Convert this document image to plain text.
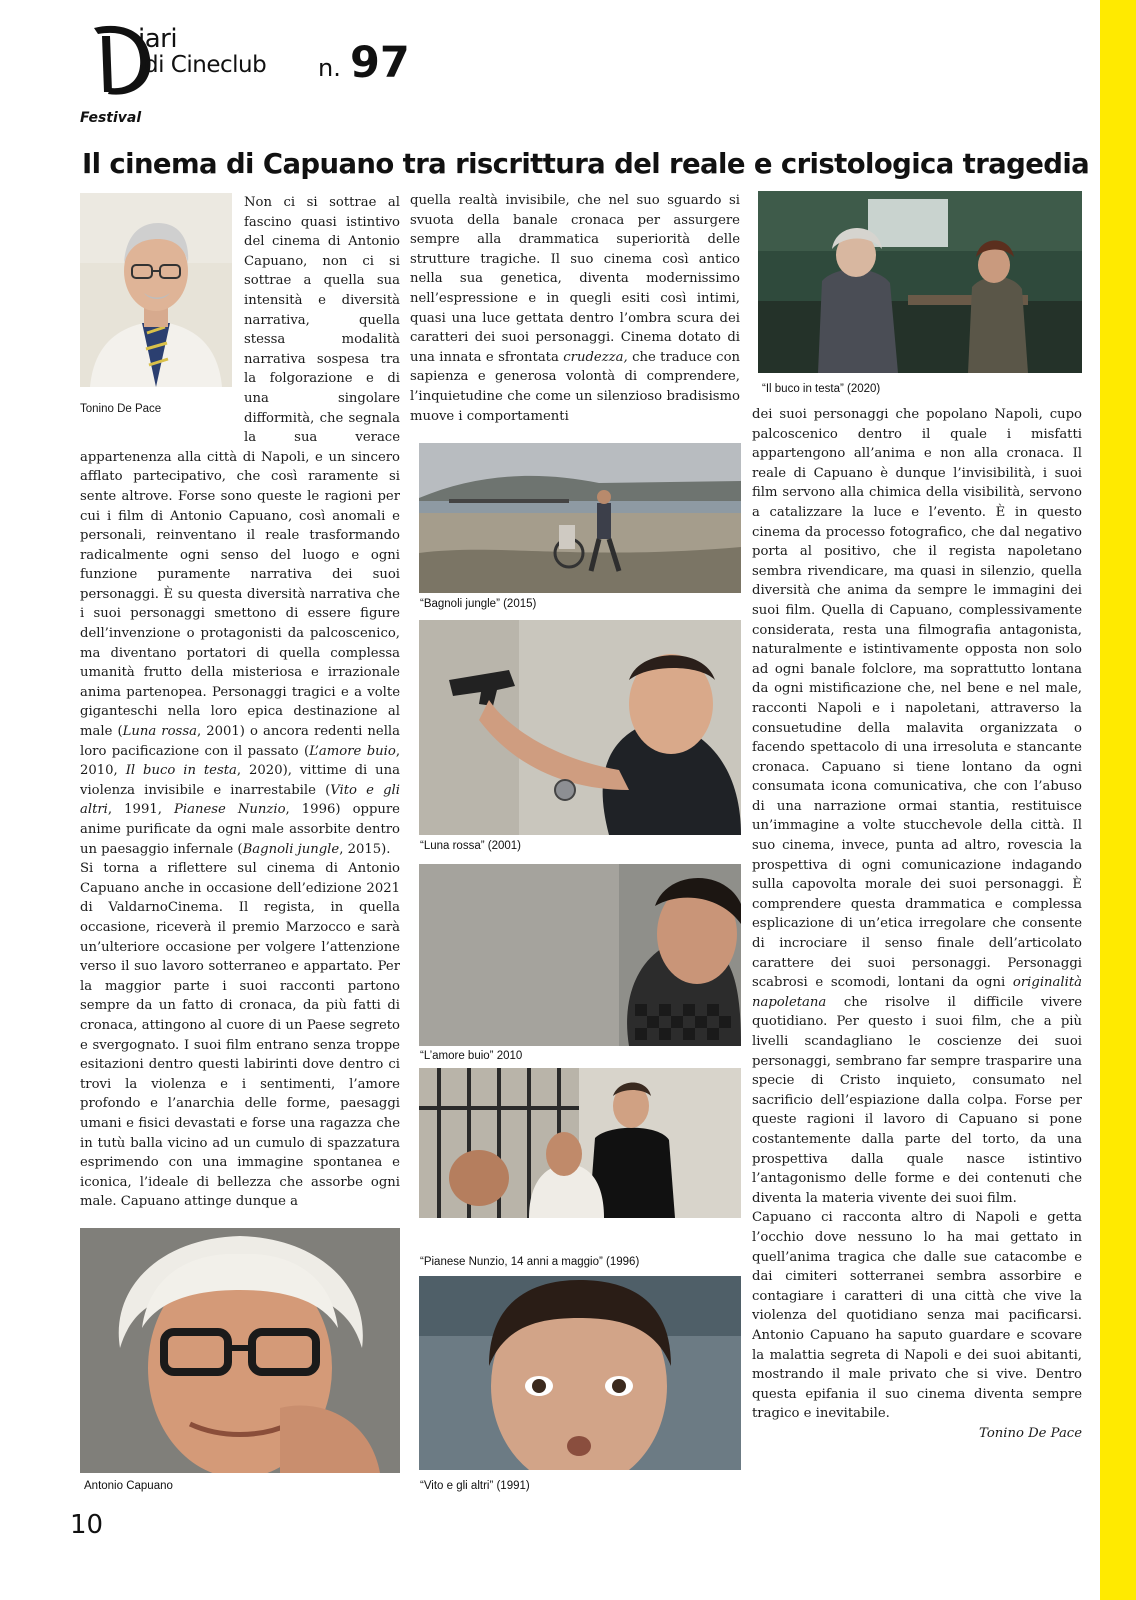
iari
di Cineclub n. 97
Festival
Il cinema di Capuano tra riscrittura del reale e cristologica tragedia
Tonino De Pace

Non ci si sottrae al fascino quasi istintivo del cinema di Antonio Capuano, non ci si sottrae a quella sua intensità e diversità narrativa, quella stessa modalità narrativa sospesa tra la folgorazione e di una singolare difformità, che segnala la sua verace appartenenza alla città di Napoli, e un sincero afflato partecipativo, che così raramente si sente altrove. Forse sono queste le ragioni per cui i film di Antonio Capuano, così anomali e personali, reinventano il reale trasformando radicalmente ogni senso del luogo e ogni funzione puramente narrativa dei suoi personaggi. È su questa diversità narrativa che i suoi personaggi smettono di essere figure dell’invenzione o protagonisti da palcoscenico, ma diventano portatori di quella complessa umanità frutto della misteriosa e irrazionale anima partenopea. Personaggi tragici e a volte giganteschi nella loro epica destinazione al male (Luna rossa, 2001) o ancora redenti nella loro pacificazione con il passato (L’amore buio, 2010, Il buco in testa, 2020), vittime di una violenza invisibile e inarrestabile (Vito e gli altri, 1991, Pianese Nunzio, 1996) oppure anime purificate da ogni male assorbite dentro un paesaggio infernale (Bagnoli jungle, 2015).

Si torna a riflettere sul cinema di Antonio Capuano anche in occasione dell’edizione 2021 di ValdarnoCinema. Il regista, in quella occasione, riceverà il premio Marzocco e sarà un’ulteriore occasione per volgere l’attenzione verso il suo lavoro sotterraneo e appartato. Per la maggior parte i suoi racconti partono sempre da un fatto di cronaca, da più fatti di cronaca, attingono al cuore di un Paese segreto e svergognato. I suoi film entrano senza troppe esitazioni dentro questi labirinti dove dentro ci trovi la violenza e i sentimenti, l’amore profondo e l’anarchia delle forme, paesaggi umani e fisici devastati e forse una ragazza che in tutù balla vicino ad un cumulo di spazzatura esprimendo con una immagine spontanea e iconica, l’ideale di bellezza che assorbe ogni male. Capuano attinge dunque a

Antonio Capuano

quella realtà invisibile, che nel suo sguardo si svuota della banale cronaca per assurgere sempre alla drammatica superiorità delle strutture tragiche. Il suo cinema così antico nella sua genetica, diventa modernissimo nell’espressione e in quegli esiti così intimi, quasi una luce gettata dentro l’ombra scura dei caratteri dei suoi personaggi. Cinema dotato di una innata e sfrontata crudezza, che traduce con sapienza e generosa volontà di comprendere, l’inquietudine che come un silenzioso bradisismo muove i comportamenti

“Bagnoli jungle” (2015)
“Luna rossa” (2001)
“L’amore buio” 2010
“Pianese Nunzio, 14 anni a maggio” (1996)
“Vito e gli altri” (1991)
“Il buco in testa” (2020)

dei suoi personaggi che popolano Napoli, cupo palcoscenico dentro il quale i misfatti appartengono all’anima e non alla cronaca. Il reale di Capuano è dunque l’invisibilità, i suoi film servono alla chimica della visibilità, servono a catalizzare la luce e l’evento. È in questo cinema da processo fotografico, che dal negativo porta al positivo, che il regista napoletano sembra rivendicare, ma quasi in silenzio, quella diversità che anima da sempre le immagini dei suoi film. Quella di Capuano, complessivamente considerata, resta una filmografia antagonista, naturalmente e istintivamente opposta non solo ad ogni banale folclore, ma soprattutto lontana da ogni mistificazione che, nel bene e nel male, racconti Napoli e i napoletani, attraverso la consuetudine della malavita organizzata o facendo spettacolo di una irresoluta e stancante cronaca. Capuano si tiene lontano da ogni consumata icona comunicativa, che con l’abuso di una narrazione ormai stantia, restituisce un’immagine a volte stucchevole della città. Il suo cinema, invece, punta ad altro, rovescia la prospettiva di ogni comunicazione indagando sulla capovolta morale dei suoi personaggi. È comprendere questa drammatica e complessa esplicazione di un’etica irregolare che consente di incrociare il senso finale dell’articolato carattere dei suoi personaggi. Personaggi scabrosi e scomodi, lontani da ogni originalità napoletana che risolve il difficile vivere quotidiano. Per questo i suoi film, che a più livelli scandagliano le coscienze dei suoi personaggi, sembrano far sempre trasparire una specie di Cristo inquieto, consumato nel sacrificio dell’espiazione dalla colpa. Forse per queste ragioni il lavoro di Capuano si pone costantemente dalla parte del torto, da una prospettiva dalla quale nasce istintivo l’antagonismo delle forme e dei contenuti che diventa la materia vivente dei suoi film.

Capuano ci racconta altro di Napoli e getta l’occhio dove nessuno lo ha mai gettato in quell’anima tragica che dalle sue catacombe e dai cimiteri sotterranei sembra assorbire e contagiare i caratteri di una città che vive la violenza del quotidiano senza mai pacificarsi. Antonio Capuano ha saputo guardare e scovare la malattia segreta di Napoli e dei suoi abitanti, mostrando il male privato che si vive. Dentro questa epifania il suo cinema diventa sempre tragico e inevitabile.

Tonino De Pace

10
